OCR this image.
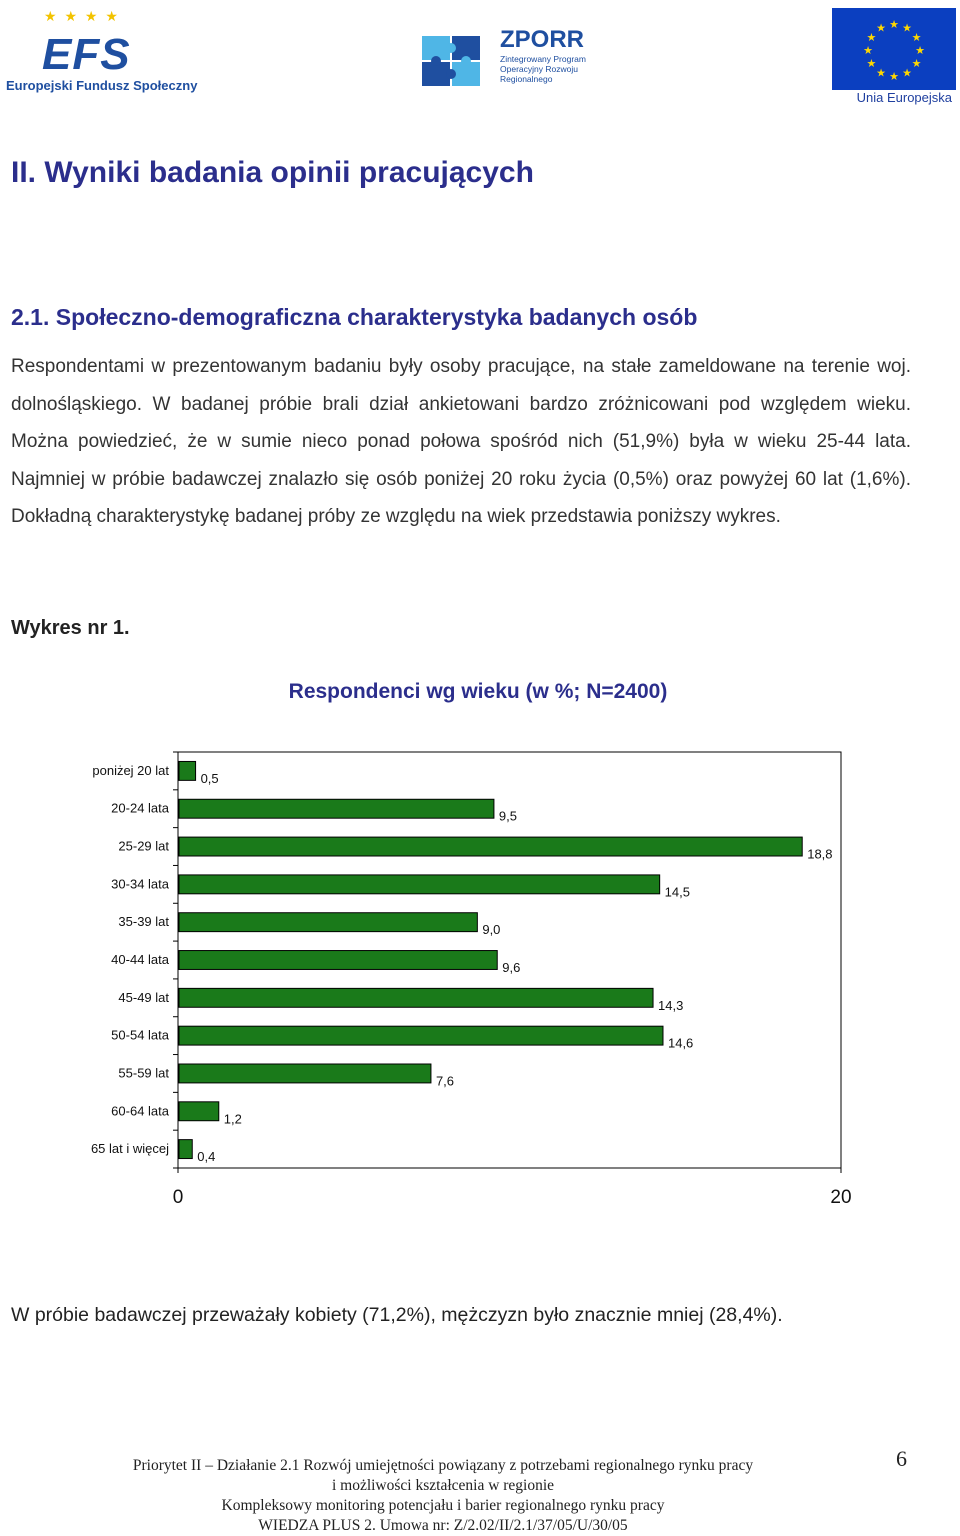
★ ★ ★ ★
EFS
Europejski Fundusz Społeczny
ZPORR
Zintegrowany Program Operacyjny Rozwoju Regionalnego
★
★
★
★
★
★
★
★
★ ★ ★
★
Unia Europejska
II. Wyniki badania opinii pracujących
2.1. Społeczno-demograficzna charakterystyka badanych osób

Respondentami w prezentowanym badaniu były osoby pracujące, na stałe zameldowane na terenie woj. dolnośląskiego. W badanej próbie brali dział ankietowani bardzo zróżnicowani pod względem wieku. Można powiedzieć, że w sumie nieco ponad połowa spośród nich (51,9%) była w wieku 25-44 lata. Najmniej w próbie badawczej znalazło się osób poniżej 20 roku życia (0,5%) oraz powyżej 60 lat (1,6%). Dokładną charakterystykę badanej próby ze względu na wiek przedstawia poniższy wykres.

Wykres nr 1.
Respondenci wg wieku (w %; N=2400)
poniżej 20 lat
20-24 lata
25-29 lat
30-34 lata
35-39 lat
40-44 lata
45-49 lat
50-54 lata
55-59 lat
60-64 lata
65 lat i więcej
0,5
9,5
18,8
14,5
9,0
9,6
14,3
14,6
7,6
1,2
0,4
0	20
W próbie badawczej przeważały kobiety (71,2%), mężczyzn było znacznie mniej (28,4%).
Priorytet II – Działanie 2.1 Rozwój umiejętności powiązany z potrzebami regionalnego rynku pracy
i możliwości kształcenia w regionie
Kompleksowy monitoring potencjału i barier regionalnego rynku pracy
WIEDZA PLUS 2. Umowa nr: Z/2.02/II/2.1/37/05/U/30/05
6
